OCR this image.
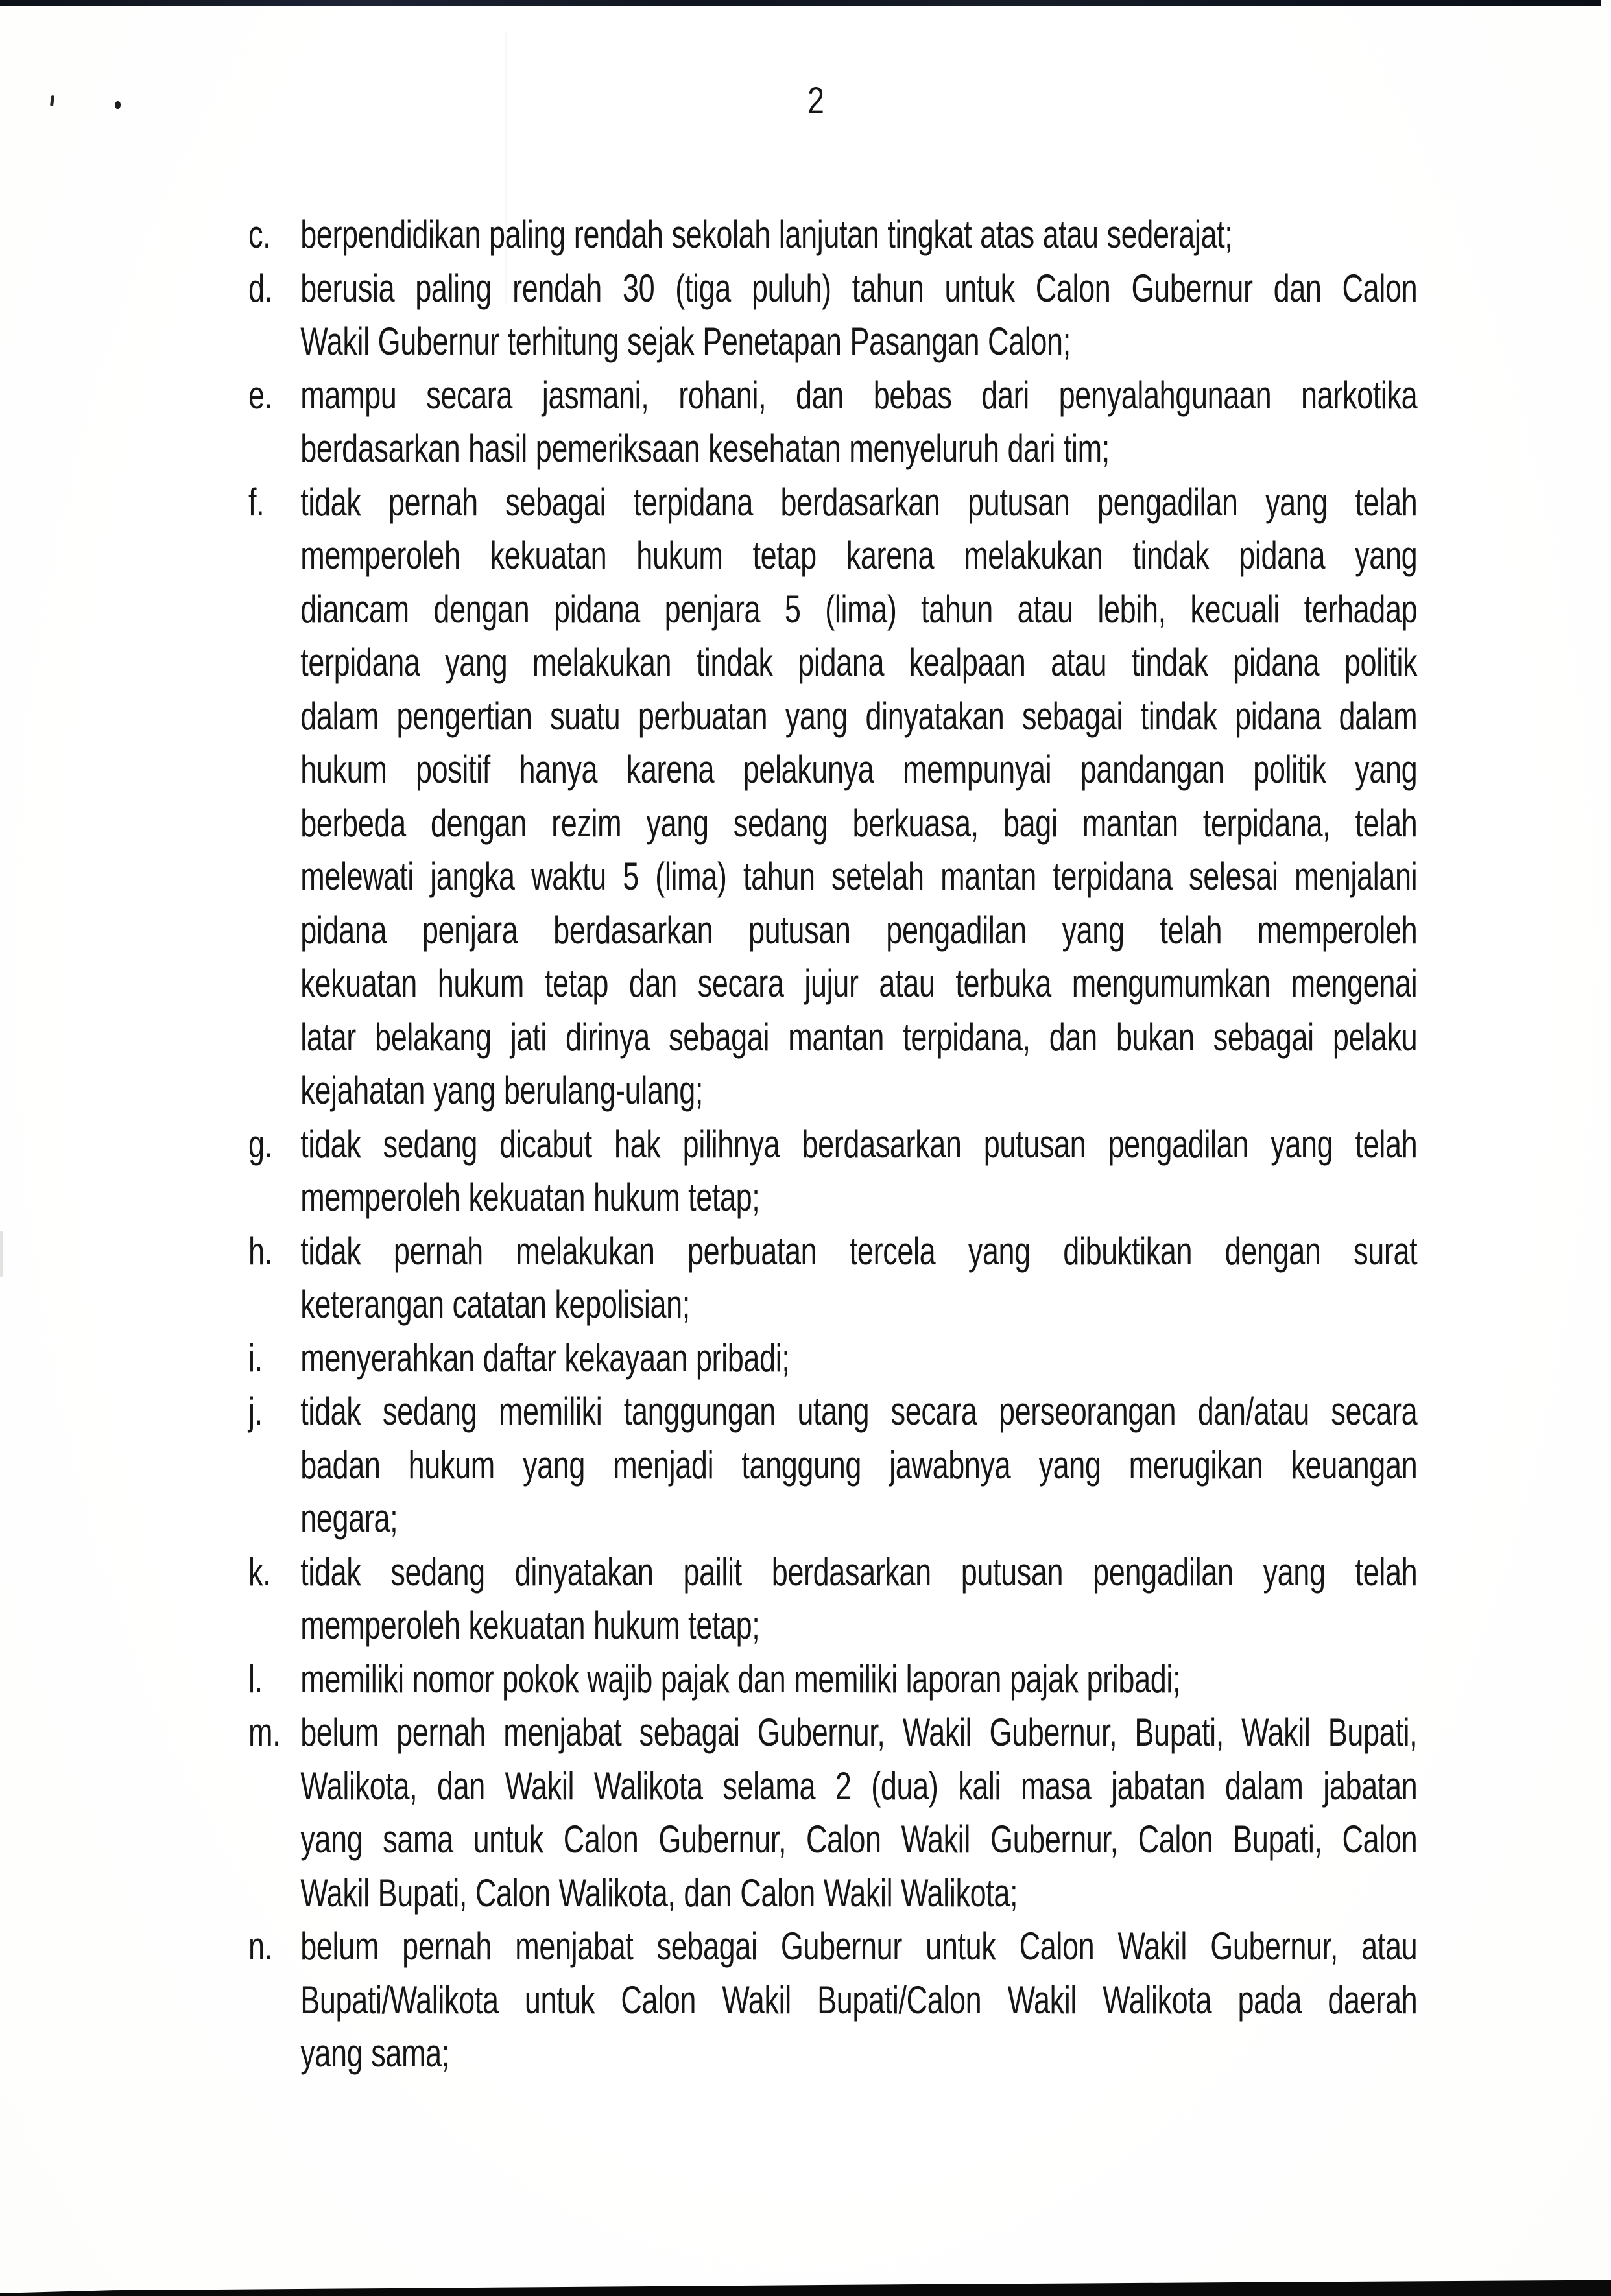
2
c. berpendidikan paling rendah sekolah lanjutan tingkat atas atau sederajat;
d. berusia paling rendah 30 (tiga puluh) tahun untuk Calon Gubernur dan Calon
Wakil Gubernur terhitung sejak Penetapan Pasangan Calon;
e. mampu secara jasmani, rohani, dan bebas dari penyalahgunaan narkotika
berdasarkan hasil pemeriksaan kesehatan menyeluruh dari tim;
f. tidak pernah sebagai terpidana berdasarkan putusan pengadilan yang telah
memperoleh kekuatan hukum tetap karena melakukan tindak pidana yang
diancam dengan pidana penjara 5 (lima) tahun atau lebih, kecuali terhadap
terpidana yang melakukan tindak pidana kealpaan atau tindak pidana politik
dalam pengertian suatu perbuatan yang dinyatakan sebagai tindak pidana dalam
hukum positif hanya karena pelakunya mempunyai pandangan politik yang
berbeda dengan rezim yang sedang berkuasa, bagi mantan terpidana, telah
melewati jangka waktu 5 (lima) tahun setelah mantan terpidana selesai menjalani
pidana penjara berdasarkan putusan pengadilan yang telah memperoleh
kekuatan hukum tetap dan secara jujur atau terbuka mengumumkan mengenai
latar belakang jati dirinya sebagai mantan terpidana, dan bukan sebagai pelaku
kejahatan yang berulang-ulang;
g. tidak sedang dicabut hak pilihnya berdasarkan putusan pengadilan yang telah
memperoleh kekuatan hukum tetap;
h. tidak pernah melakukan perbuatan tercela yang dibuktikan dengan surat
keterangan catatan kepolisian;
i. menyerahkan daftar kekayaan pribadi;
j. tidak sedang memiliki tanggungan utang secara perseorangan dan/atau secara
badan hukum yang menjadi tanggung jawabnya yang merugikan keuangan
negara;
k. tidak sedang dinyatakan pailit berdasarkan putusan pengadilan yang telah
memperoleh kekuatan hukum tetap;
l. memiliki nomor pokok wajib pajak dan memiliki laporan pajak pribadi;
m. belum pernah menjabat sebagai Gubernur, Wakil Gubernur, Bupati, Wakil Bupati,
Walikota, dan Wakil Walikota selama 2 (dua) kali masa jabatan dalam jabatan
yang sama untuk Calon Gubernur, Calon Wakil Gubernur, Calon Bupati, Calon
Wakil Bupati, Calon Walikota, dan Calon Wakil Walikota;
n. belum pernah menjabat sebagai Gubernur untuk Calon Wakil Gubernur, atau
Bupati/Walikota untuk Calon Wakil Bupati/Calon Wakil Walikota pada daerah
yang sama;
